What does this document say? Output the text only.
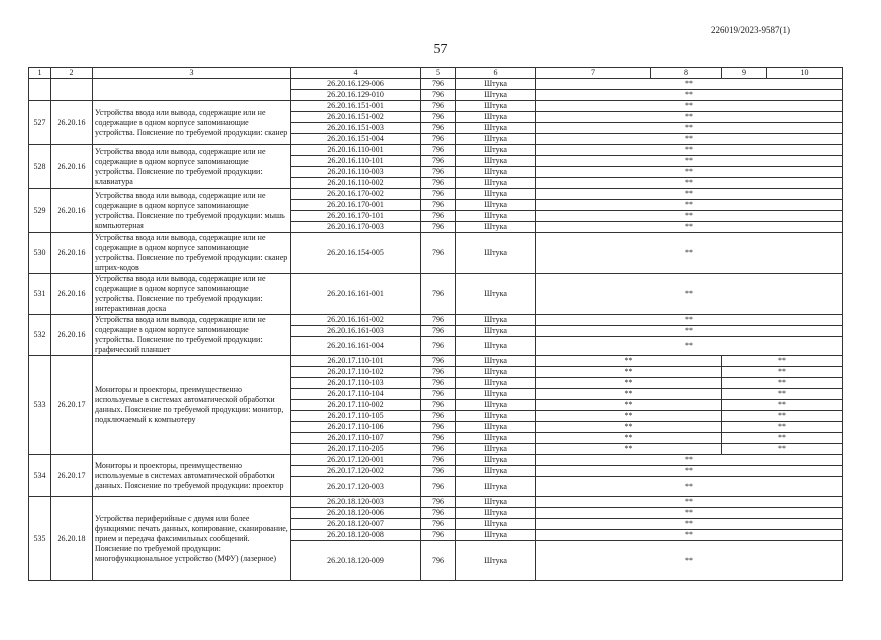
226019/2023-9587(1)
57
1	2	3	4	5	6	7	8	9	10
			26.20.16.129-006	796	Штука	**			
			26.20.16.129-010	796	Штука	**			
527	26.20.16	Устройства ввода или вывода, содержащие или не содержащие в одном корпусе запоминающие устройства. Пояснение по требуемой продукции: сканер	26.20.16.151-001	796	Штука	**			
			26.20.16.151-002	796	Штука	**			
			26.20.16.151-003	796	Штука	**			
			26.20.16.151-004	796	Штука	**			
528	26.20.16	Устройства ввода или вывода, содержащие или не содержащие в одном корпусе запоминающие устройства. Пояснение по требуемой продукции: клавиатура	26.20.16.110-001	796	Штука	**			
			26.20.16.110-101	796	Штука	**			
			26.20.16.110-003	796	Штука	**			
			26.20.16.110-002	796	Штука	**			
529	26.20.16	Устройства ввода или вывода, содержащие или не содержащие в одном корпусе запоминающие устройства. Пояснение по требуемой продукции: мышь компьютерная	26.20.16.170-002	796	Штука	**			
			26.20.16.170-001	796	Штука	**			
			26.20.16.170-101	796	Штука	**			
			26.20.16.170-003	796	Штука	**			
530	26.20.16	Устройства ввода или вывода, содержащие или не содержащие в одном корпусе запоминающие устройства. Пояснение по требуемой продукции: сканер штрих-кодов	26.20.16.154-005	796	Штука	**			
531	26.20.16	Устройства ввода или вывода, содержащие или не содержащие в одном корпусе запоминающие устройства. Пояснение по требуемой продукции: интерактивная доска	26.20.16.161-001	796	Штука	**			
532	26.20.16	Устройства ввода или вывода, содержащие или не содержащие в одном корпусе запоминающие устройства. Пояснение по требуемой продукции: графический планшет	26.20.16.161-002	796	Штука	**			
			26.20.16.161-003	796	Штука	**			
			26.20.16.161-004	796	Штука	**			
533	26.20.17	Мониторы и проекторы, преимущественно используемые в системах автоматической обработки данных. Пояснение по требуемой продукции: монитор, подключаемый к компьютеру	26.20.17.110-101	796	Штука	**		**	
			26.20.17.110-102	796	Штука	**		**	
			26.20.17.110-103	796	Штука	**		**	
			26.20.17.110-104	796	Штука	**		**	
			26.20.17.110-002	796	Штука	**		**	
			26.20.17.110-105	796	Штука	**		**	
			26.20.17.110-106	796	Штука	**		**	
			26.20.17.110-107	796	Штука	**		**	
			26.20.17.110-205	796	Штука	**		**	
534	26.20.17	Мониторы и проекторы, преимущественно используемые в системах автоматической обработки данных. Пояснение по требуемой продукции: проектор	26.20.17.120-001	796	Штука	**			
			26.20.17.120-002	796	Штука	**			
			26.20.17.120-003	796	Штука	**			
535	26.20.18	Устройства периферийные с двумя или более функциями: печать данных, копирование, сканирование, прием и передача факсимильных сообщений. Пояснение по требуемой продукции: многофункциональное устройство (МФУ) (лазерное)	26.20.18.120-003	796	Штука	**			
			26.20.18.120-006	796	Штука	**			
			26.20.18.120-007	796	Штука	**			
			26.20.18.120-008	796	Штука	**			
			26.20.18.120-009	796	Штука	**			
